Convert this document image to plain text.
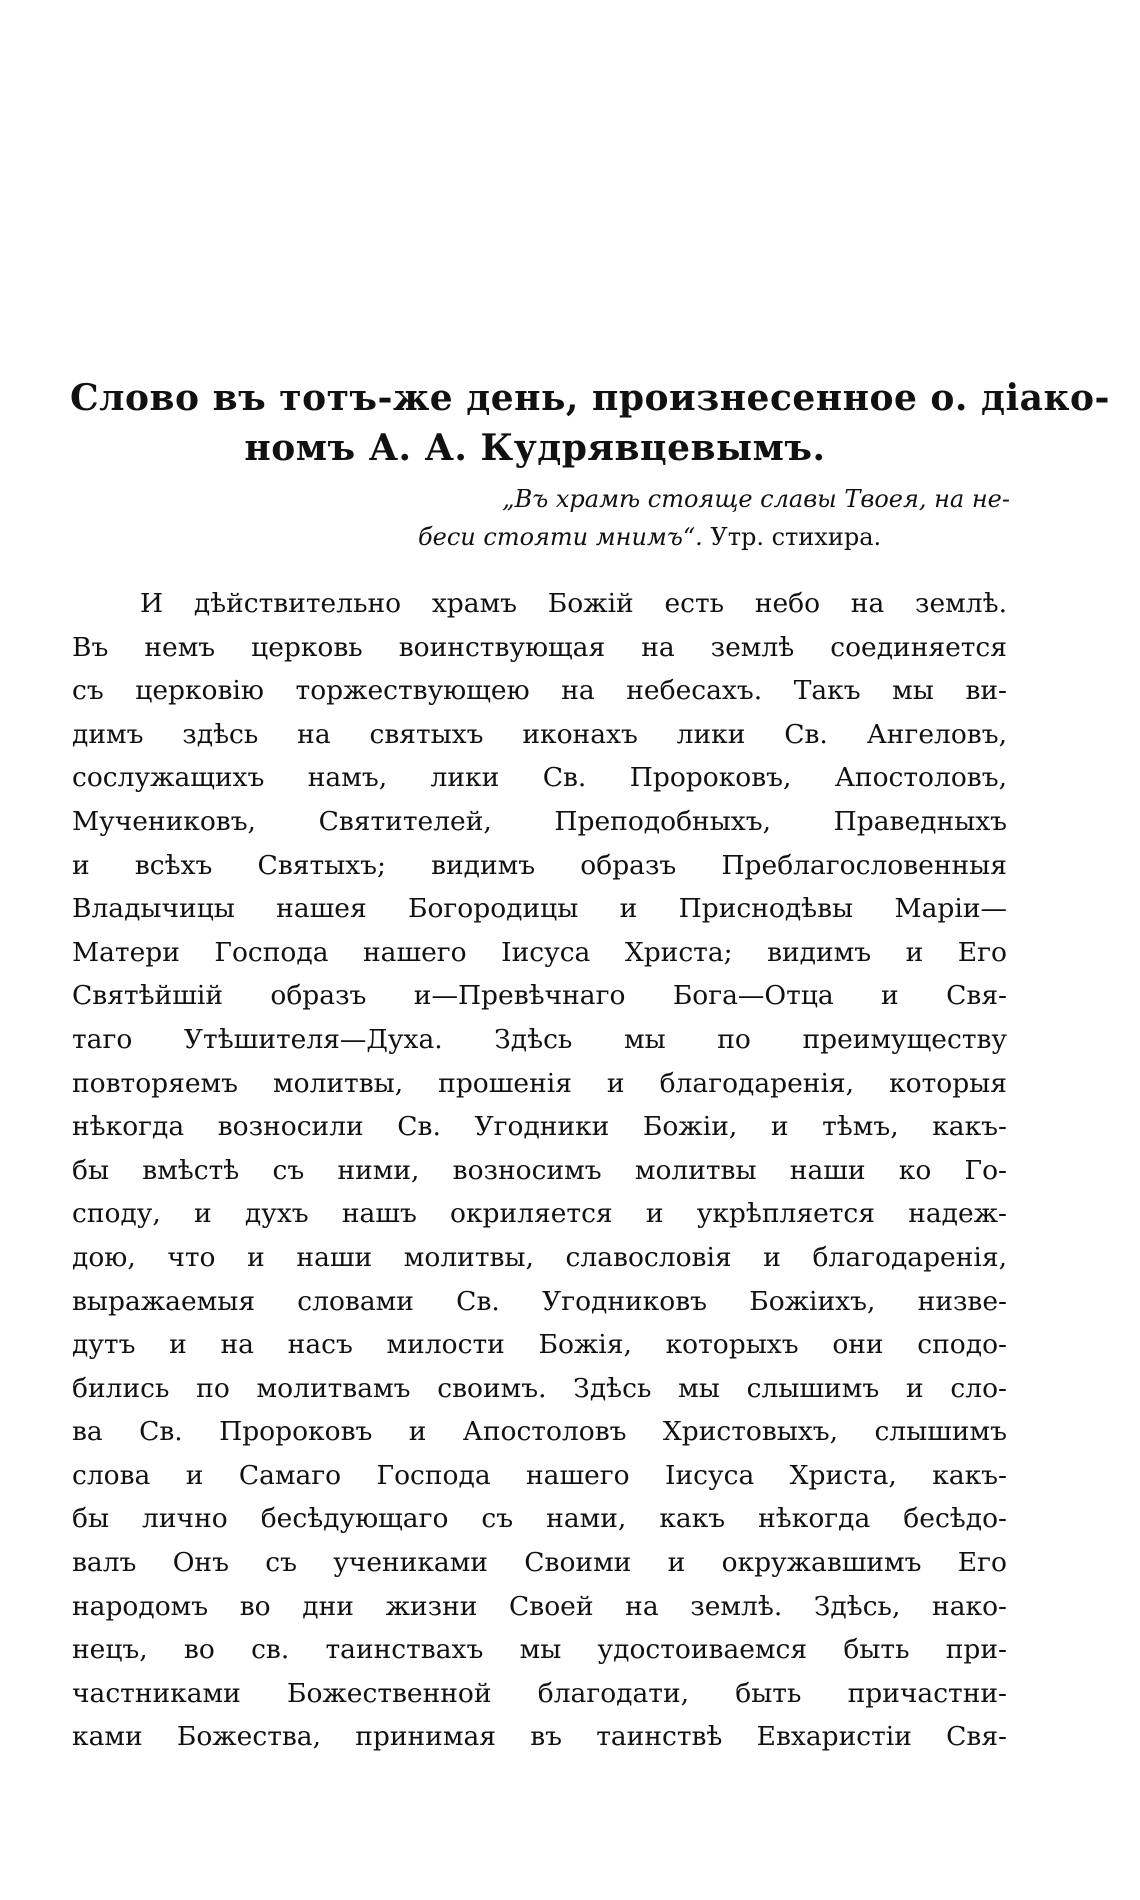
Слово въ тотъ-же день, произнесенное о. діако-
номъ А. А. Кудрявцевымъ.
„Въ храмѣ стояще славы Твоея, на не-
беси стояти мнимъ“. Утр. стихира.
И дѣйствительно храмъ Божій есть небо на землѣ.
Въ немъ церковь воинствующая на землѣ соединяется
съ церковію торжествующею на небесахъ. Такъ мы ви-
димъ здѣсь на святыхъ иконахъ лики Св. Ангеловъ,
сослужащихъ намъ, лики Св. Пророковъ, Апостоловъ,
Мучениковъ, Святителей, Преподобныхъ, Праведныхъ
и всѣхъ Святыхъ; видимъ образъ Преблагословенныя
Владычицы нашея Богородицы и Приснодѣвы Маріи—
Матери Господа нашего Іисуса Христа; видимъ и Его
Святѣйшій образъ и—Превѣчнаго Бога—Отца и Свя-
таго Утѣшителя—Духа. Здѣсь мы по преимуществу
повторяемъ молитвы, прошенія и благодаренія, которыя
нѣкогда возносили Св. Угодники Божіи, и тѣмъ, какъ-
бы вмѣстѣ съ ними, возносимъ молитвы наши ко Го-
споду, и духъ нашъ окриляется и укрѣпляется надеж-
дою, что и наши молитвы, славословія и благодаренія,
выражаемыя словами Св. Угодниковъ Божіихъ, низве-
дутъ и на насъ милости Божія, которыхъ они сподо-
бились по молитвамъ своимъ. Здѣсь мы слышимъ и сло-
ва Св. Пророковъ и Апостоловъ Христовыхъ, слышимъ
слова и Самаго Господа нашего Іисуса Христа, какъ-
бы лично бесѣдующаго съ нами, какъ нѣкогда бесѣдо-
валъ Онъ съ учениками Своими и окружавшимъ Его
народомъ во дни жизни Своей на землѣ. Здѣсь, нако-
нецъ, во св. таинствахъ мы удостоиваемся быть при-
частниками Божественной благодати, быть причастни-
ками Божества, принимая въ таинствѣ Евхаристіи Свя-
